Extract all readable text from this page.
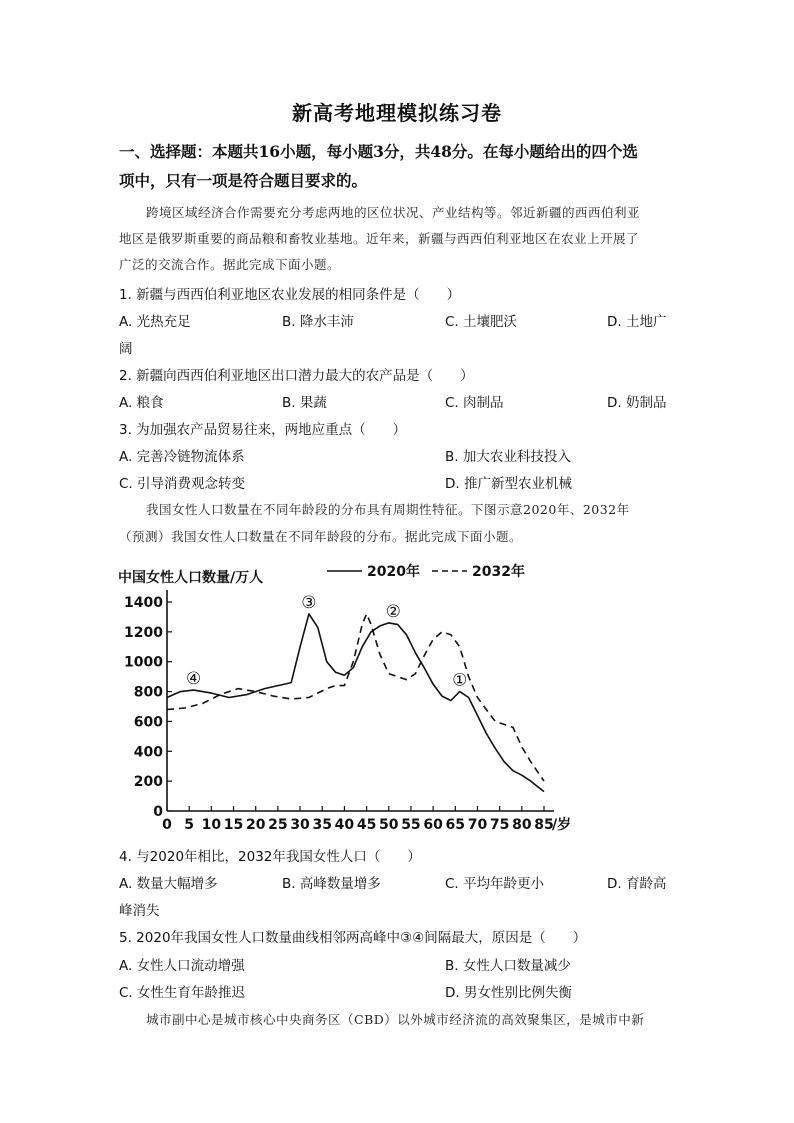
新高考地理模拟练习卷
一、选择题：本题共16小题，每小题3分，共48分。在每小题给出的四个选
项中，只有一项是符合题目要求的。
跨境区域经济合作需要充分考虑两地的区位状况、产业结构等。邻近新疆的西西伯利亚
地区是俄罗斯重要的商品粮和畜牧业基地。近年来，新疆与西西伯利亚地区在农业上开展了
广泛的交流合作。据此完成下面小题。
1. 新疆与西西伯利亚地区农业发展的相同条件是（　　）
A. 光热充足	B. 降水丰沛	C. 土壤肥沃	D. 土地广
阔
2. 新疆向西西伯利亚地区出口潜力最大的农产品是（　　）
A. 粮食	B. 果蔬	C. 肉制品	D. 奶制品
3. 为加强农产品贸易往来，两地应重点（　　）
A. 完善冷链物流体系	B. 加大农业科技投入
C. 引导消费观念转变	D. 推广新型农业机械
我国女性人口数量在不同年龄段的分布具有周期性特征。下图示意2020年、2032年
（预测）我国女性人口数量在不同年龄段的分布。据此完成下面小题。
中国女性人口数量/万人	2020年	2032年
0
200
400
600
800
1000
1200
1400
0 5 10 15 20 25 30 35 40 45 50 55 60 65 70 75 80 85
/岁
①
②
③
④
4. 与2020年相比，2032年我国女性人口（　　）
A. 数量大幅增多	B. 高峰数量增多	C. 平均年龄更小	D. 育龄高
峰消失
5. 2020年我国女性人口数量曲线相邻两高峰中③④间隔最大，原因是（　　）
A. 女性人口流动增强	B. 女性人口数量减少
C. 女性生育年龄推迟	D. 男女性别比例失衡
城市副中心是城市核心中央商务区（CBD）以外城市经济流的高效聚集区，是城市中新
